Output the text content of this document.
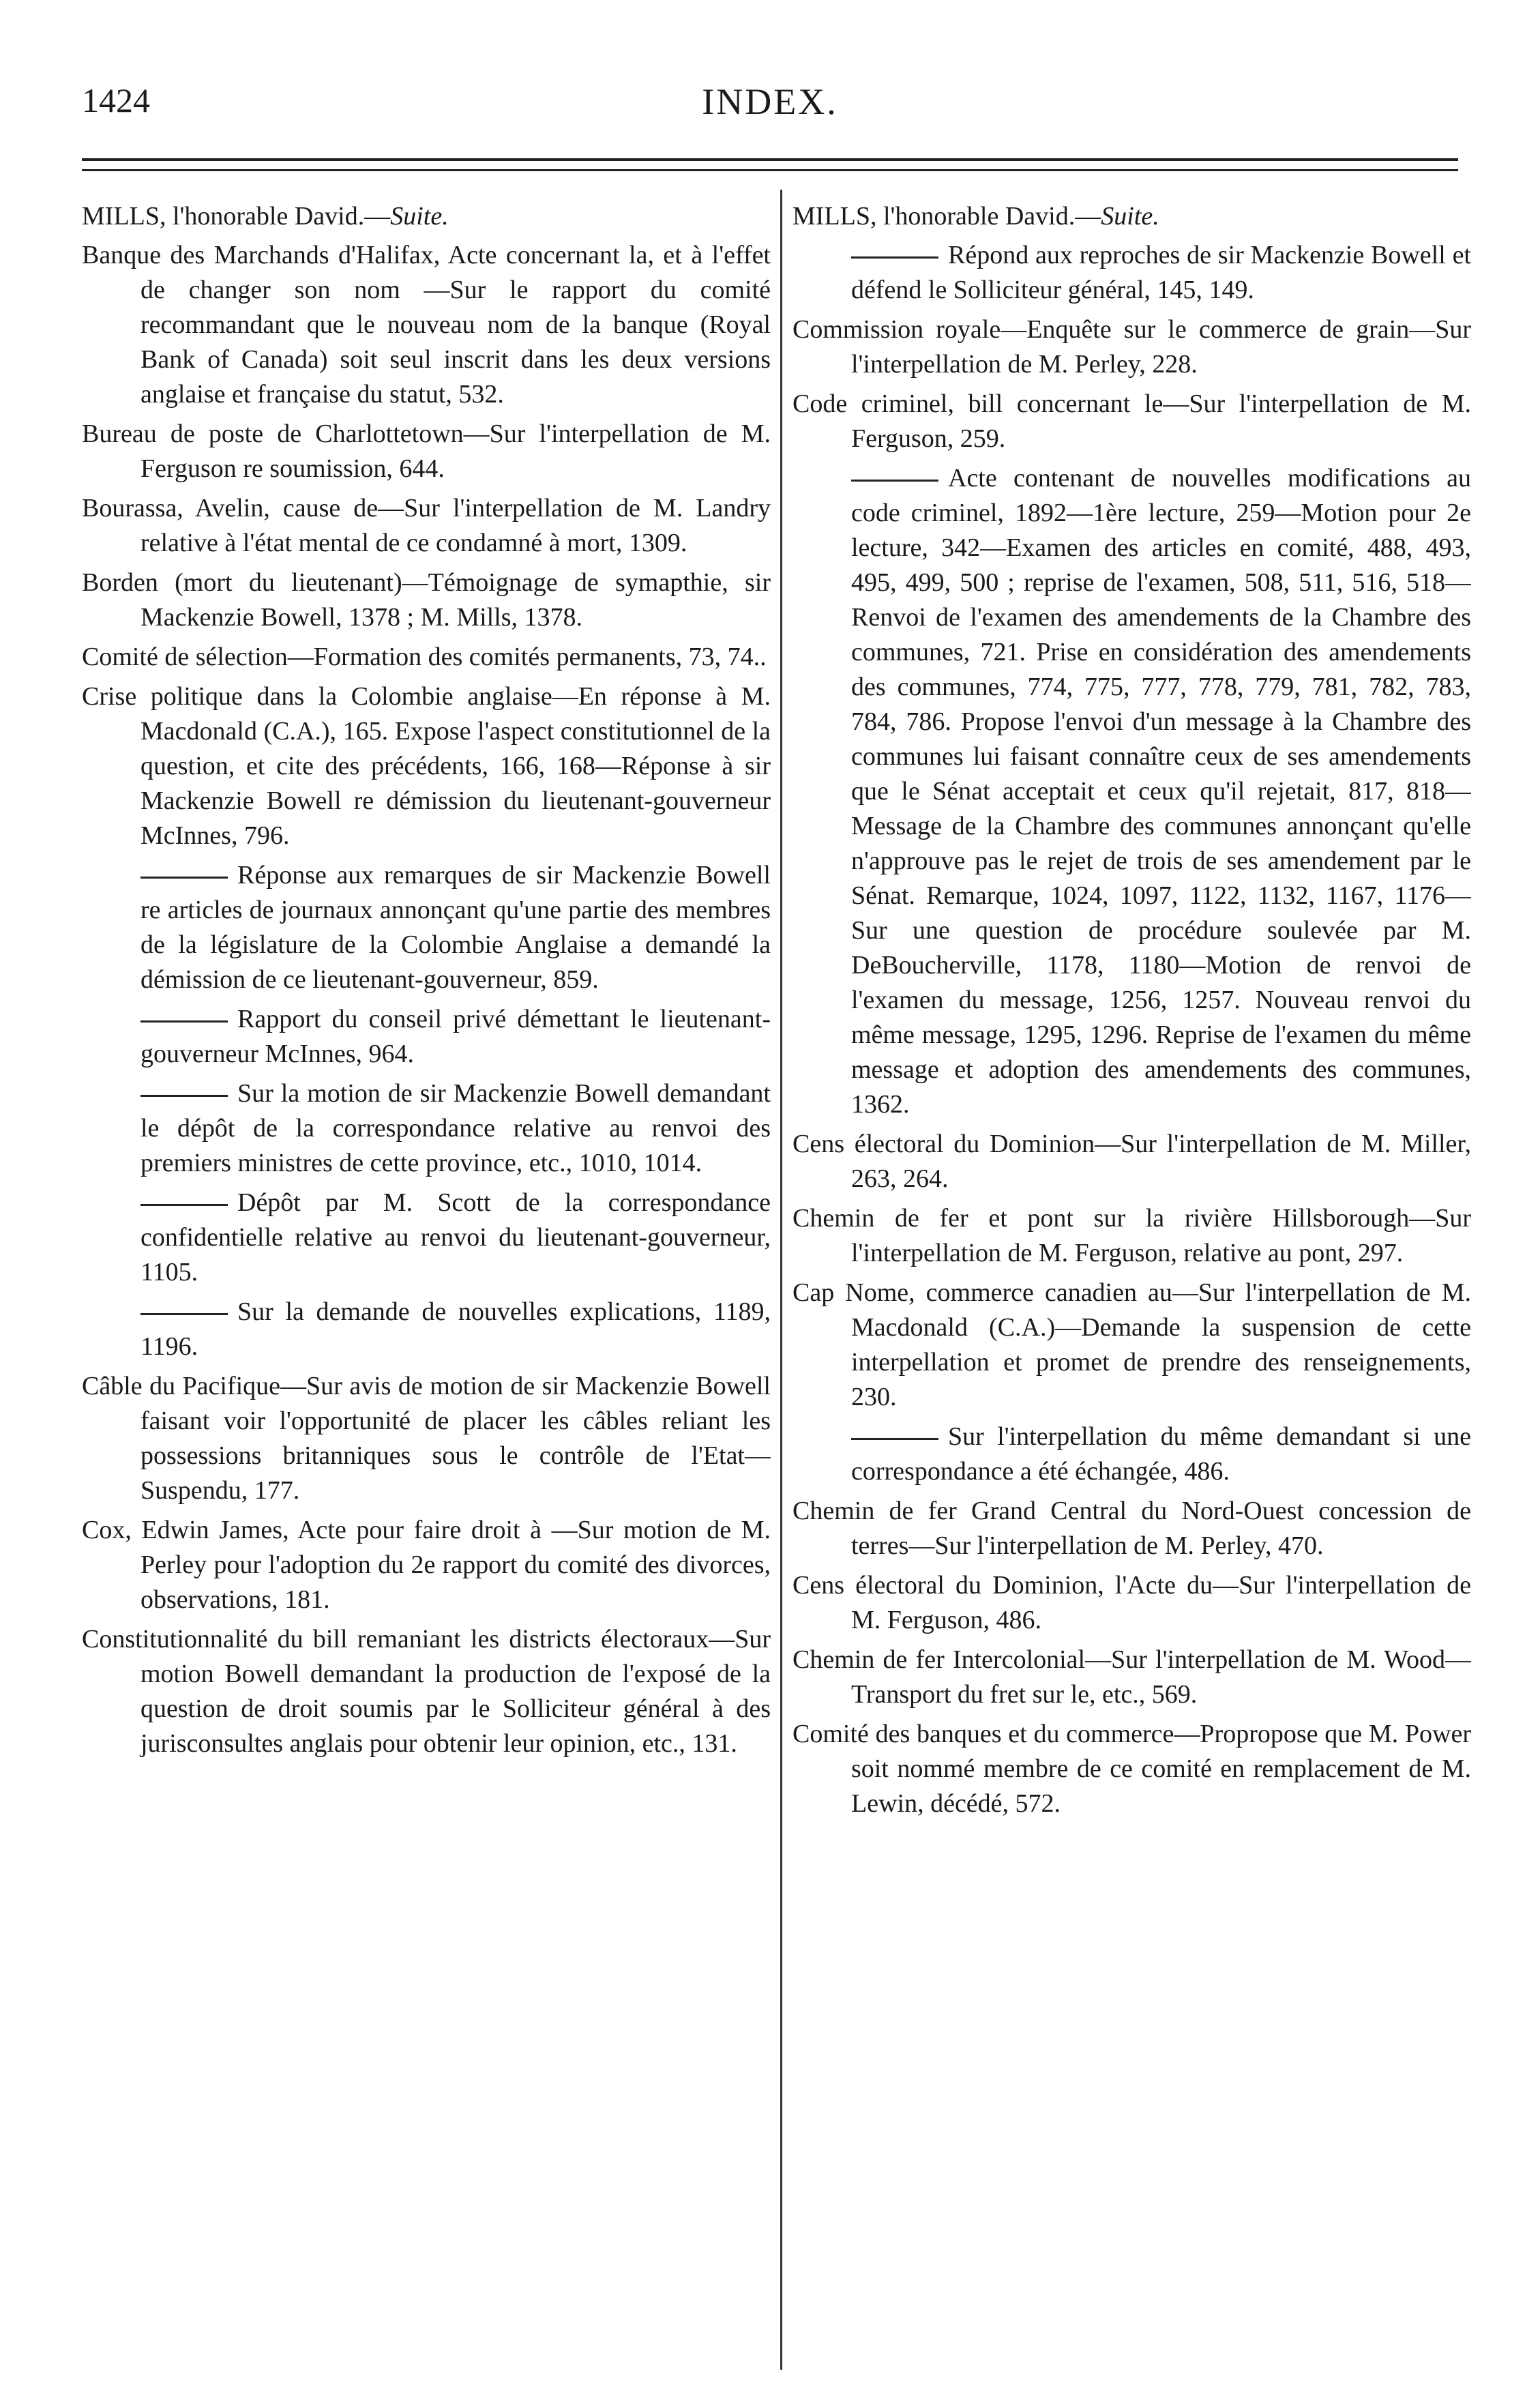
1424	INDEX.
MILLS, l'honorable David.—Suite.

Banque des Marchands d'Halifax, Acte concernant la, et à l'effet de changer son nom —Sur le rapport du comité recommandant que le nouveau nom de la banque (Royal Bank of Canada) soit seul inscrit dans les deux versions anglaise et française du statut, 532.

Bureau de poste de Charlottetown—Sur l'interpellation de M. Ferguson re soumission, 644.

Bourassa, Avelin, cause de—Sur l'interpellation de M. Landry relative à l'état mental de ce condamné à mort, 1309.

Borden (mort du lieutenant)—Témoignage de symapthie, sir Mackenzie Bowell, 1378 ; M. Mills, 1378.

Comité de sélection—Formation des comités permanents, 73, 74..

Crise politique dans la Colombie anglaise—En réponse à M. Macdonald (C.A.), 165. Expose l'aspect constitutionnel de la question, et cite des précédents, 166, 168—Réponse à sir Mackenzie Bowell re démission du lieutenant-gouverneur McInnes, 796.

Réponse aux remarques de sir Mackenzie Bowell re articles de journaux annonçant qu'une partie des membres de la législature de la Colombie Anglaise a demandé la démission de ce lieutenant-gouverneur, 859.

Rapport du conseil privé démettant le lieutenant-gouverneur McInnes, 964.

Sur la motion de sir Mackenzie Bowell demandant le dépôt de la correspondance relative au renvoi des premiers ministres de cette province, etc., 1010, 1014.

Dépôt par M. Scott de la correspondance confidentielle relative au renvoi du lieutenant-gouverneur, 1105.

Sur la demande de nouvelles explications, 1189, 1196.

Câble du Pacifique—Sur avis de motion de sir Mackenzie Bowell faisant voir l'opportunité de placer les câbles reliant les possessions britanniques sous le contrôle de l'Etat—Suspendu, 177.

Cox, Edwin James, Acte pour faire droit à —Sur motion de M. Perley pour l'adoption du 2e rapport du comité des divorces, observations, 181.

Constitutionnalité du bill remaniant les districts électoraux—Sur motion Bowell demandant la production de l'exposé de la question de droit soumis par le Solliciteur général à des jurisconsultes anglais pour obtenir leur opinion, etc., 131.

MILLS, l'honorable David.—Suite.

Répond aux reproches de sir Mackenzie Bowell et défend le Solliciteur général, 145, 149.

Commission royale—Enquête sur le commerce de grain—Sur l'interpellation de M. Perley, 228.

Code criminel, bill concernant le—Sur l'interpellation de M. Ferguson, 259.

Acte contenant de nouvelles modifications au code criminel, 1892—1ère lecture, 259—Motion pour 2e lecture, 342—Examen des articles en comité, 488, 493, 495, 499, 500 ; reprise de l'examen, 508, 511, 516, 518—Renvoi de l'examen des amendements de la Chambre des communes, 721. Prise en considération des amendements des communes, 774, 775, 777, 778, 779, 781, 782, 783, 784, 786. Propose l'envoi d'un message à la Chambre des communes lui faisant connaître ceux de ses amendements que le Sénat acceptait et ceux qu'il rejetait, 817, 818—Message de la Chambre des communes annonçant qu'elle n'approuve pas le rejet de trois de ses amendement par le Sénat. Remarque, 1024, 1097, 1122, 1132, 1167, 1176—Sur une question de procédure soulevée par M. DeBoucherville, 1178, 1180—Motion de renvoi de l'examen du message, 1256, 1257. Nouveau renvoi du même message, 1295, 1296. Reprise de l'examen du même message et adoption des amendements des communes, 1362.

Cens électoral du Dominion—Sur l'interpellation de M. Miller, 263, 264.

Chemin de fer et pont sur la rivière Hillsborough—Sur l'interpellation de M. Ferguson, relative au pont, 297.

Cap Nome, commerce canadien au—Sur l'interpellation de M. Macdonald (C.A.)—Demande la suspension de cette interpellation et promet de prendre des renseignements, 230.

Sur l'interpellation du même demandant si une correspondance a été échangée, 486.

Chemin de fer Grand Central du Nord-Ouest concession de terres—Sur l'interpellation de M. Perley, 470.

Cens électoral du Dominion, l'Acte du—Sur l'interpellation de M. Ferguson, 486.

Chemin de fer Intercolonial—Sur l'interpellation de M. Wood—Transport du fret sur le, etc., 569.

Comité des banques et du commerce—Propropose que M. Power soit nommé membre de ce comité en remplacement de M. Lewin, décédé, 572.
